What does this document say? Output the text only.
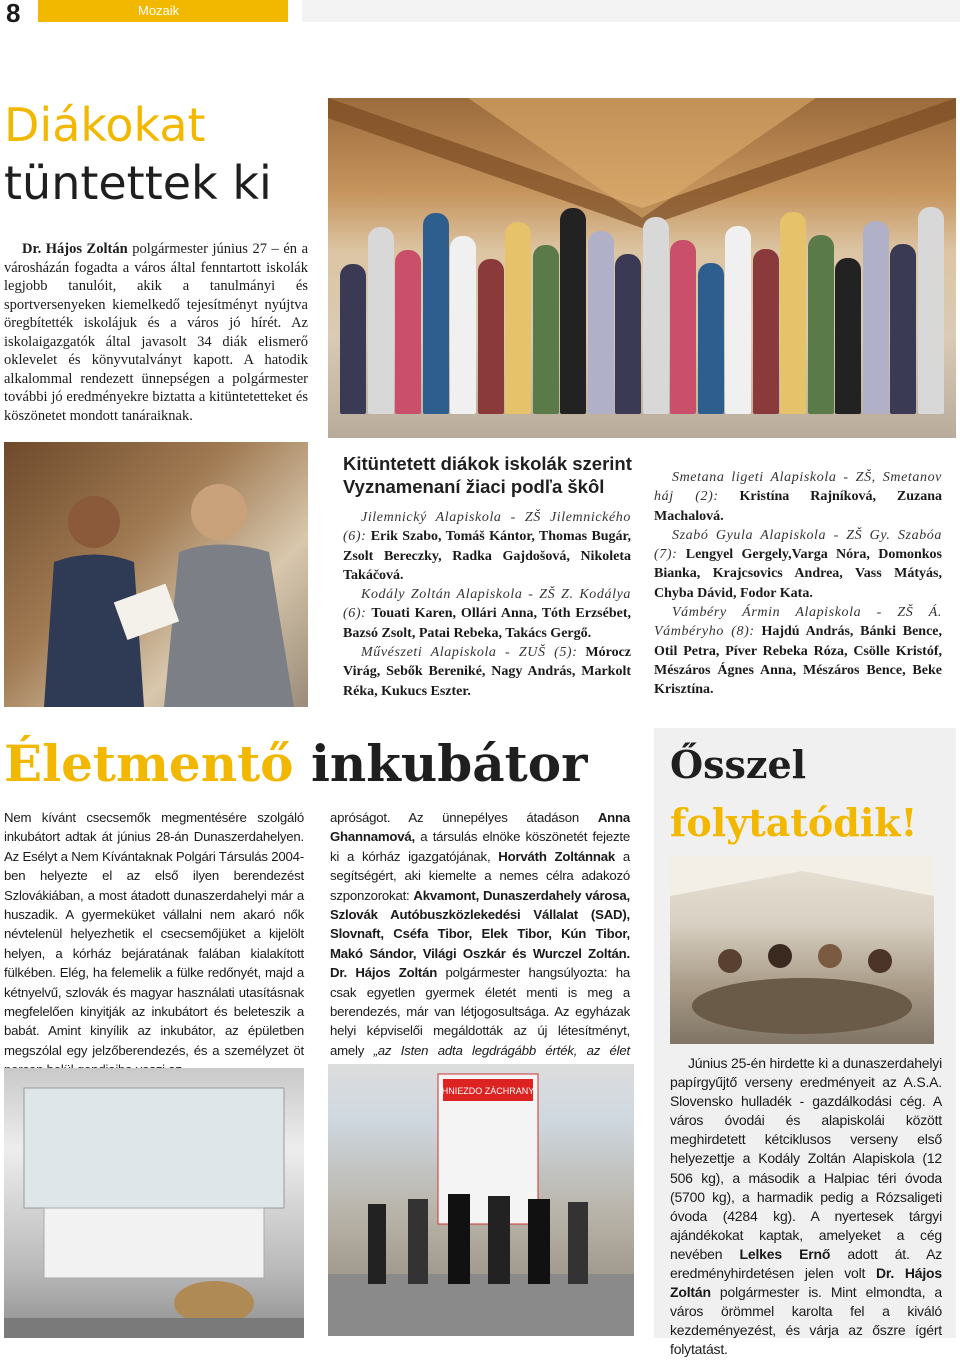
8	Mozaik
Diákokat
tüntettek ki
Dr. Hájos Zoltán polgármester június 27 – én a városházán fogadta a város által fenntartott iskolák legjobb tanulóit, akik a tanulmányi és sportversenyeken kiemelkedő tejesítményt nyújtva öregbítették iskolájuk és a város jó hírét. Az iskolaigazgatók által javasolt 34 diák elismerő oklevelet és könyvutalványt kapott. A hatodik alkalommal rendezett ünnepségen a polgármester további jó eredményekre biztatta a kitüntetetteket és köszönetet mondott tanáraiknak.
Kitüntetett diákok iskolák szerint Vyznamenaní žiaci podľa škôl
Jilemnický Alapiskola - ZŠ Jilemnického (6): Erik Szabo, Tomáš Kántor, Thomas Bugár, Zsolt Bereczky, Radka Gajdošová, Nikoleta Takáčová.
Kodály Zoltán Alapiskola - ZŠ Z. Kodálya (6): Touati Karen, Ollári Anna, Tóth Erzsébet, Bazsó Zsolt, Patai Rebeka, Takács Gergő.
Művészeti Alapiskola - ZUŠ (5): Mórocz Virág, Sebők Bereniké, Nagy András, Markolt Réka, Kukucs Eszter.
Smetana ligeti Alapiskola - ZŠ, Smetanov háj (2): Kristína Rajníková, Zuzana Machalová.
Szabó Gyula Alapiskola - ZŠ Gy. Szabóa (7): Lengyel Gergely,Varga Nóra, Domonkos Bianka, Krajcsovics Andrea, Vass Mátyás, Chyba Dávid, Fodor Kata.
Vámbéry Ármin Alapiskola - ZŠ Á. Vámbéryho (8): Hajdú András, Bánki Bence, Otil Petra, Píver Rebeka Róza, Csölle Kristóf, Mészáros Ágnes Anna, Mészáros Bence, Beke Krisztína.
Életmentő inkubátor
Nem kívánt csecsemők megmentésére szolgáló inkubátort adtak át június 28-án Dunaszerdahelyen. Az Esélyt a Nem Kívántaknak Polgári Társulás 2004-ben helyezte el az első ilyen berendezést Szlovákiában, a most átadott dunaszerdahelyi már a huszadik. A gyermeküket vállalni nem akaró nők névtelenül helyezhetik el csecsemőjüket a kijelölt helyen, a kórház bejáratának falában kialakított fülkében. Elég, ha felemelik a fülke redőnyét, majd a kétnyelvű, szlovák és magyar használati utasításnak megfelelően kinyitják az inkubátort és beleteszik a babát. Amint kinyílik az inkubátor, az épületben megszólal egy jelzőberendezés, és a személyzet öt
apróságot. Az ünnepélyes átadáson Anna Ghannamová, a társulás elnöke köszönetét fejezte ki a kórház igazgatójának, Horváth Zoltánnak a segítségért, aki kiemelte a nemes célra adakozó szponzorokat: Akvamont, Dunaszerdahely városa, Szlovák Autóbuszközlekedési Vállalat (SAD), Slovnaft, Cséfa Tibor, Elek Tibor, Kún Tibor, Makó Sándor, Világi Oszkár és Wurczel Zoltán. Dr. Hájos Zoltán polgármester hangsúlyozta: ha csak egyetlen gyermek életét menti is meg a berendezés, már van létjogosultsága. Az egyházak helyi képviselői megáldották az új létesítményt, amely „az Isten adta legdrágább érték, az élet
HNIEZDO ZÁCHRANY
Ősszel
folytatódik!
Június 25-én hirdette ki a dunaszerdahelyi papírgyűjtő verseny eredményeit az A.S.A. Slovensko hulladék - gazdálkodási cég. A város óvodái és alapiskolái között meghirdetett kétciklusos verseny első helyezettje a Kodály Zoltán Alapiskola (12 506 kg), a második a Halpiac téri óvoda (5700 kg), a harmadik pedig a Rózsaligeti óvoda (4284 kg). A nyertesek tárgyi ajándékokat kaptak, amelyeket a cég nevében Lelkes Ernő adott át. Az eredményhirdetésen jelen volt Dr. Hájos Zoltán polgármester is. Mint elmondta, a város örömmel karolta fel a kiváló kezdeményezést, és várja az őszre ígért folytatást.
